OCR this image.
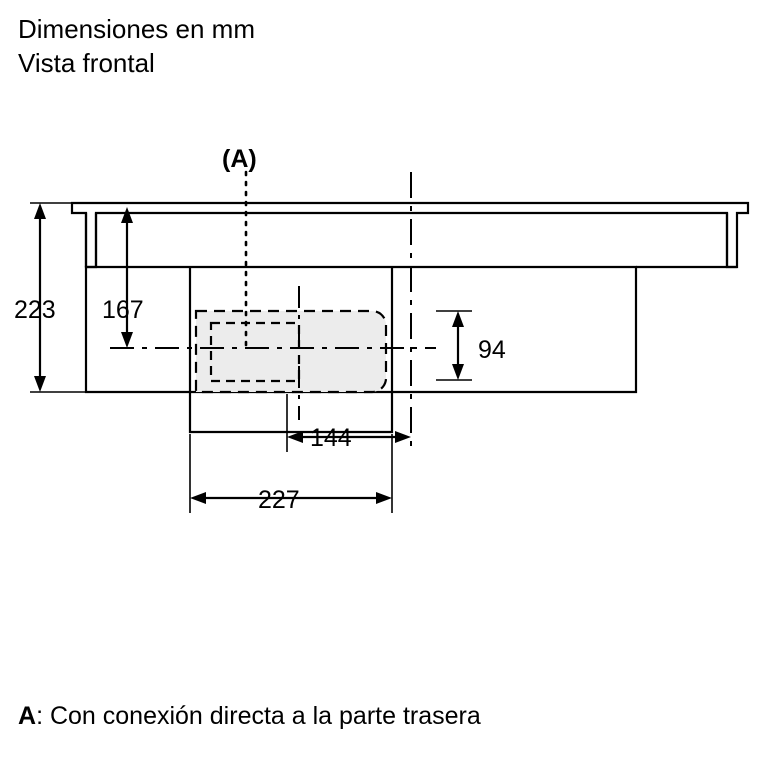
Dimensiones en mm
Vista frontal
(A)
223 167
94
144
227
A: Con conexión directa a la parte trasera
